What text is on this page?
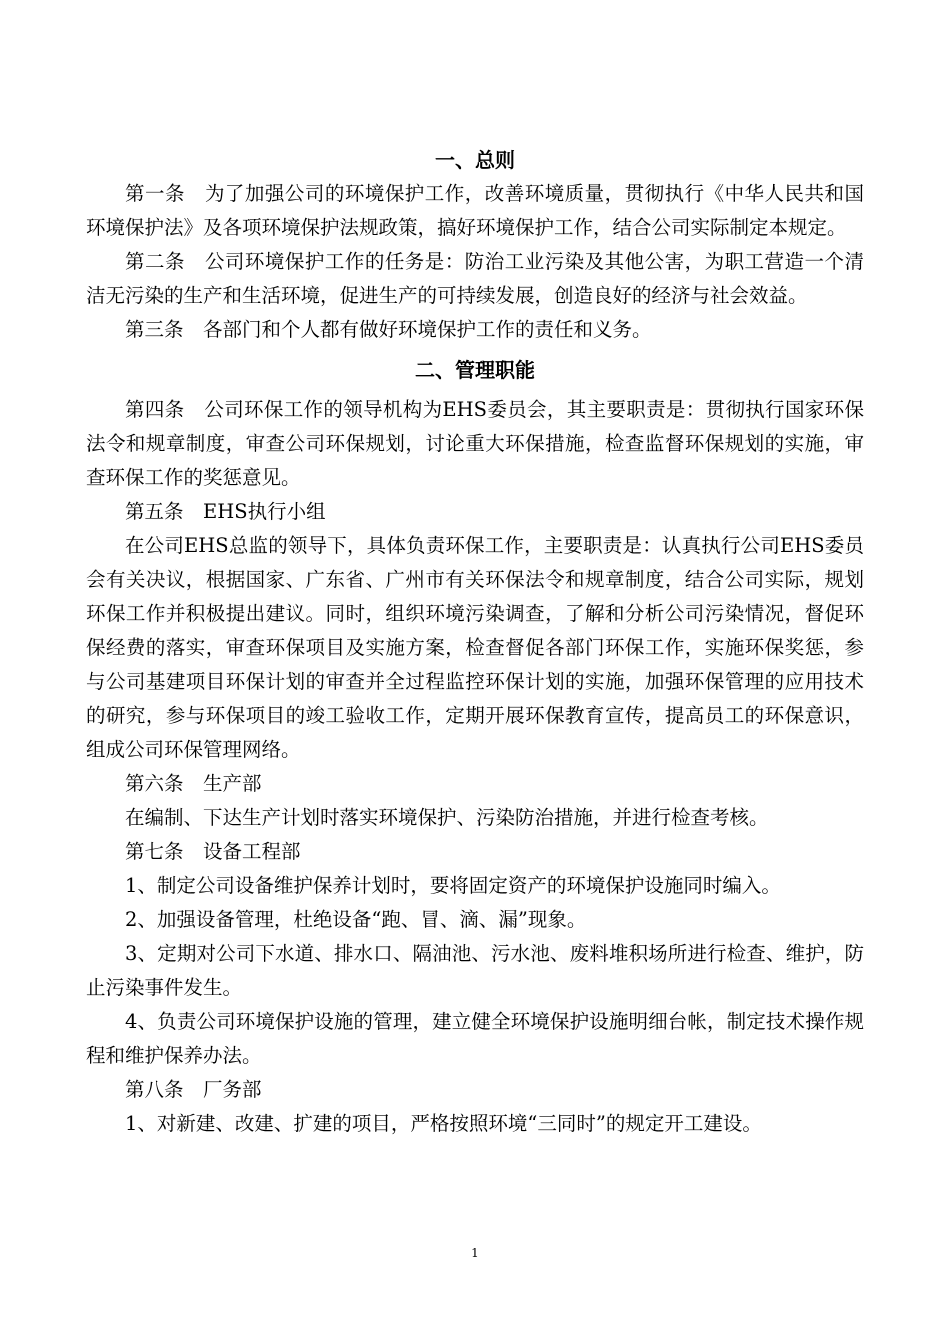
一、总则

第一条　为了加强公司的环境保护工作，改善环境质量，贯彻执行《中华人民共和国环境保护法》及各项环境保护法规政策，搞好环境保护工作，结合公司实际制定本规定。

第二条　公司环境保护工作的任务是：防治工业污染及其他公害，为职工营造一个清洁无污染的生产和生活环境，促进生产的可持续发展，创造良好的经济与社会效益。

第三条　各部门和个人都有做好环境保护工作的责任和义务。

二、管理职能

第四条　公司环保工作的领导机构为EHS委员会，其主要职责是：贯彻执行国家环保法令和规章制度，审查公司环保规划，讨论重大环保措施，检查监督环保规划的实施，审查环保工作的奖惩意见。

第五条　EHS执行小组

在公司EHS总监的领导下，具体负责环保工作，主要职责是：认真执行公司EHS委员会有关决议，根据国家、广东省、广州市有关环保法令和规章制度，结合公司实际，规划环保工作并积极提出建议。同时，组织环境污染调查，了解和分析公司污染情况，督促环保经费的落实，审查环保项目及实施方案，检查督促各部门环保工作，实施环保奖惩，参与公司基建项目环保计划的审查并全过程监控环保计划的实施，加强环保管理的应用技术的研究，参与环保项目的竣工验收工作，定期开展环保教育宣传，提高员工的环保意识，组成公司环保管理网络。

第六条　生产部

在编制、下达生产计划时落实环境保护、污染防治措施，并进行检查考核。

第七条　设备工程部

1、制定公司设备维护保养计划时，要将固定资产的环境保护设施同时编入。

2、加强设备管理，杜绝设备“跑、冒、滴、漏”现象。

3、定期对公司下水道、排水口、隔油池、污水池、废料堆积场所进行检查、维护，防止污染事件发生。

4、负责公司环境保护设施的管理，建立健全环境保护设施明细台帐，制定技术操作规程和维护保养办法。

第八条　厂务部

1、对新建、改建、扩建的项目，严格按照环境“三同时”的规定开工建设。

1
